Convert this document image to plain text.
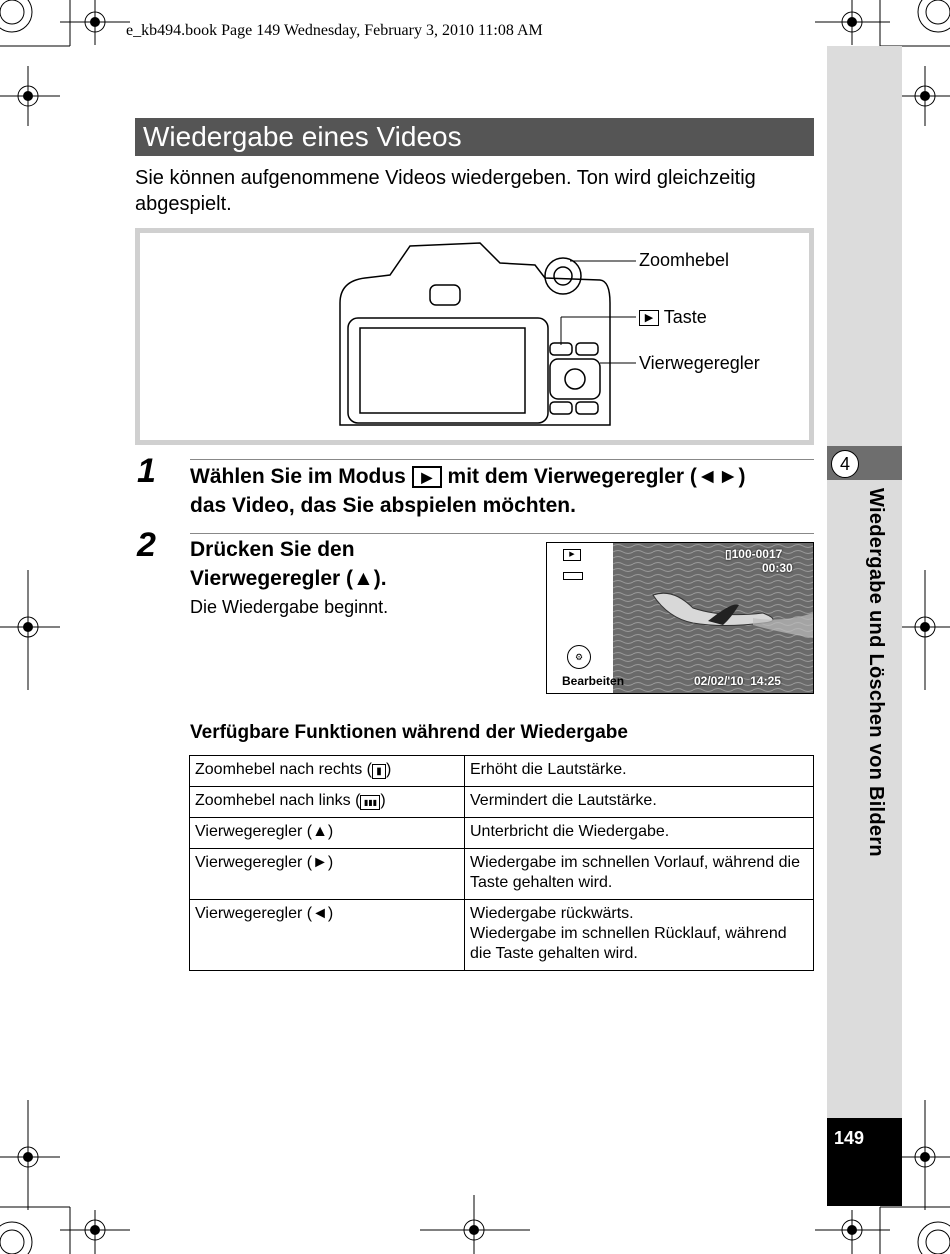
e_kb494.book Page 149 Wednesday, February 3, 2010 11:08 AM
4
Wiedergabe und Löschen von Bildern
149
Wiedergabe eines Videos
Sie können aufgenommene Videos wiedergeben. Ton wird gleichzeitig abgespielt.
Zoomhebel
▶ Taste
Vierwegeregler
1 Wählen Sie im Modus ▶ mit dem Vierwegeregler (◄►)
das Video, das Sie abspielen möchten.
2 Drücken Sie den
Vierwegeregler (▲).
Die Wiedergabe beginnt.
▶
⚙
Bearbeiten
▯100-0017
00:30
02/02/'10 14:25
Verfügbare Funktionen während der Wiedergabe
Zoomhebel nach rechts ( ▮ )	Erhöht die Lautstärke.
Zoomhebel nach links ( ▮▮▮ )	Vermindert die Lautstärke.
Vierwegeregler (▲)	Unterbricht die Wiedergabe.
Vierwegeregler (►)	Wiedergabe im schnellen Vorlauf, während die Taste gehalten wird.
Vierwegeregler (◄)	Wiedergabe rückwärts.
Wiedergabe im schnellen Rücklauf, während die Taste gehalten wird.
